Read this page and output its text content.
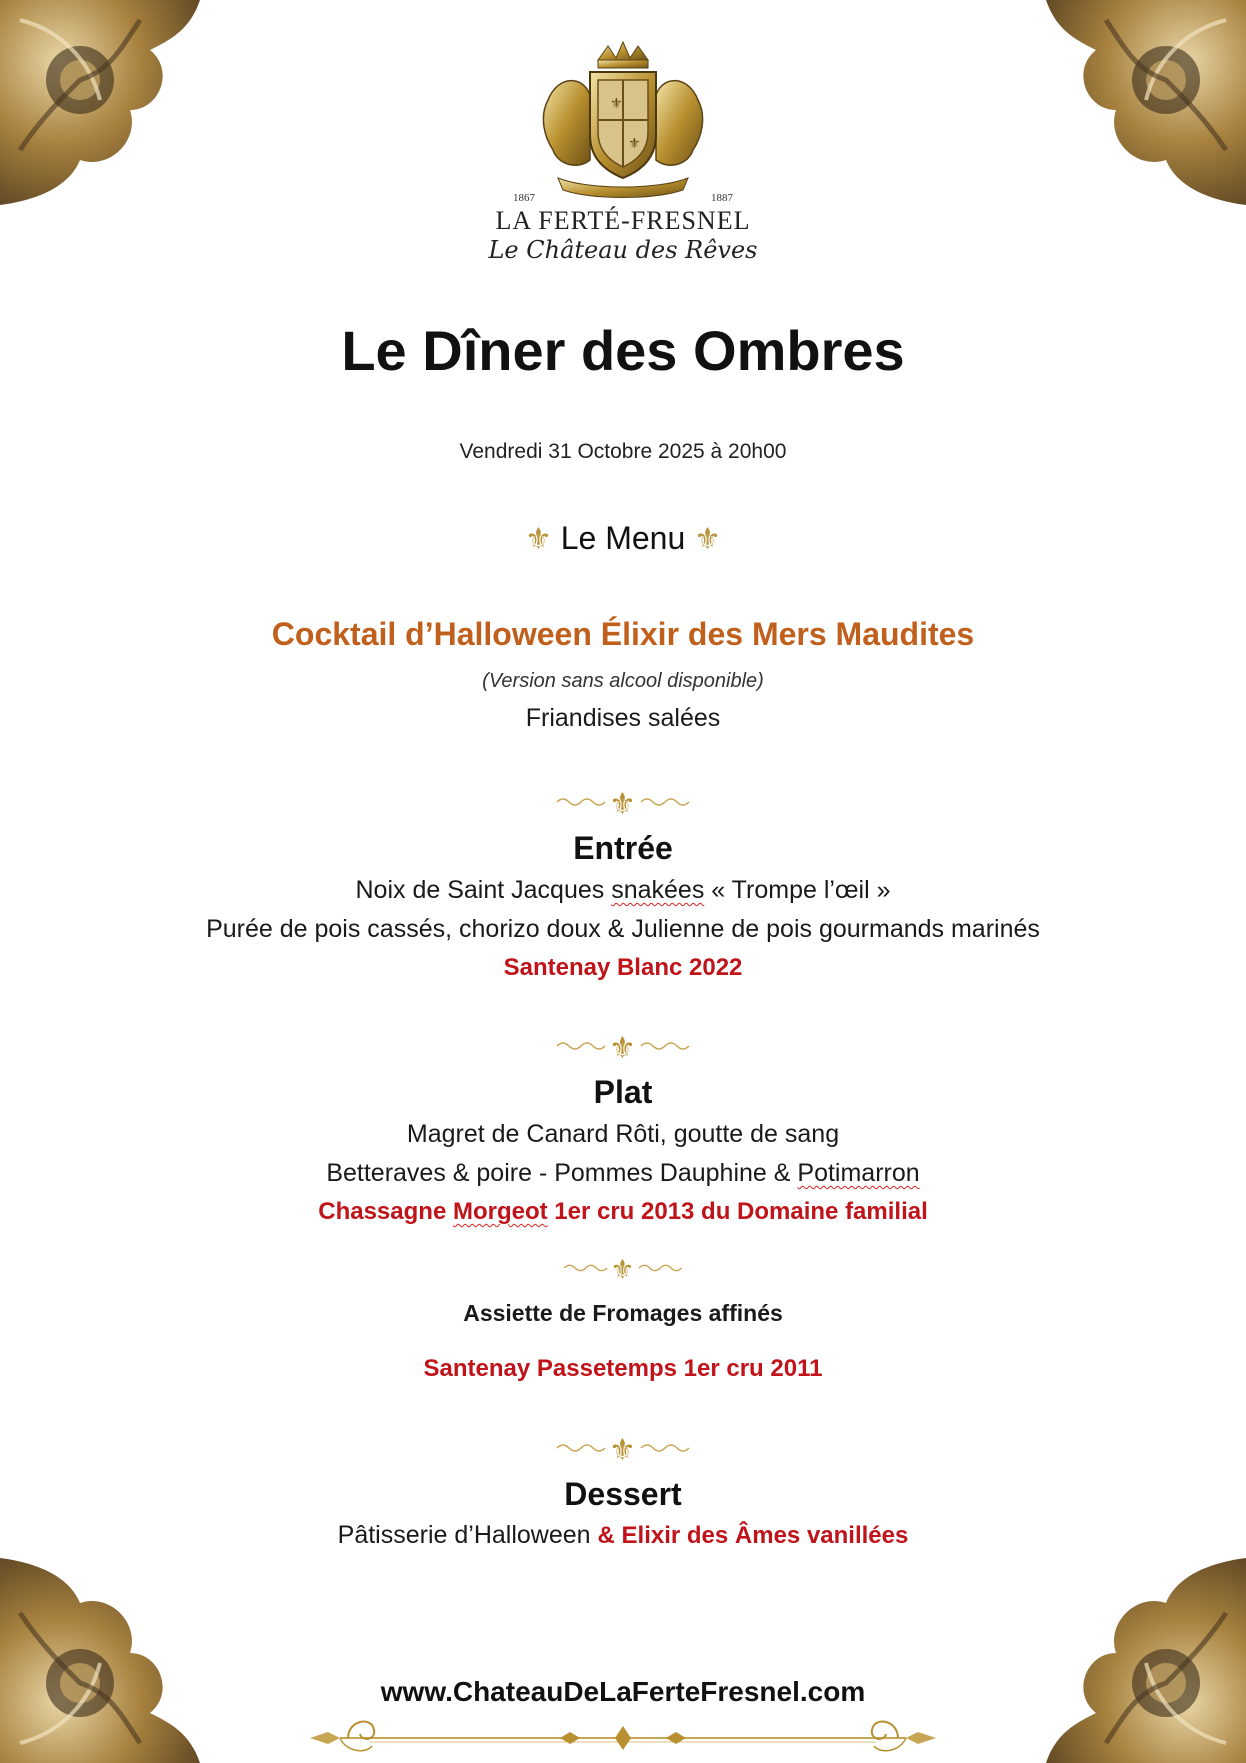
⚜
⚜
1867	1887
LA FERTÉ-FRESNEL
Le Château des Rêves
Le Dîner des Ombres
Vendredi 31 Octobre 2025 à 20h00
⚜ Le Menu ⚜
Cocktail d’Halloween Élixir des Mers Maudites
(Version sans alcool disponible)
Friandises salées
⚜
Entrée
Noix de Saint Jacques snakées « Trompe l’œil »
Purée de pois cassés, chorizo doux & Julienne de pois gourmands marinés
Santenay Blanc 2022
⚜
Plat
Magret de Canard Rôti, goutte de sang
Betteraves & poire - Pommes Dauphine & Potimarron
Chassagne Morgeot 1er cru 2013 du Domaine familial
⚜
Assiette de Fromages affinés
Santenay Passetemps 1er cru 2011
⚜
Dessert
Pâtisserie d’Halloween & Elixir des Âmes vanillées
www.ChateauDeLaFerteFresnel.com
